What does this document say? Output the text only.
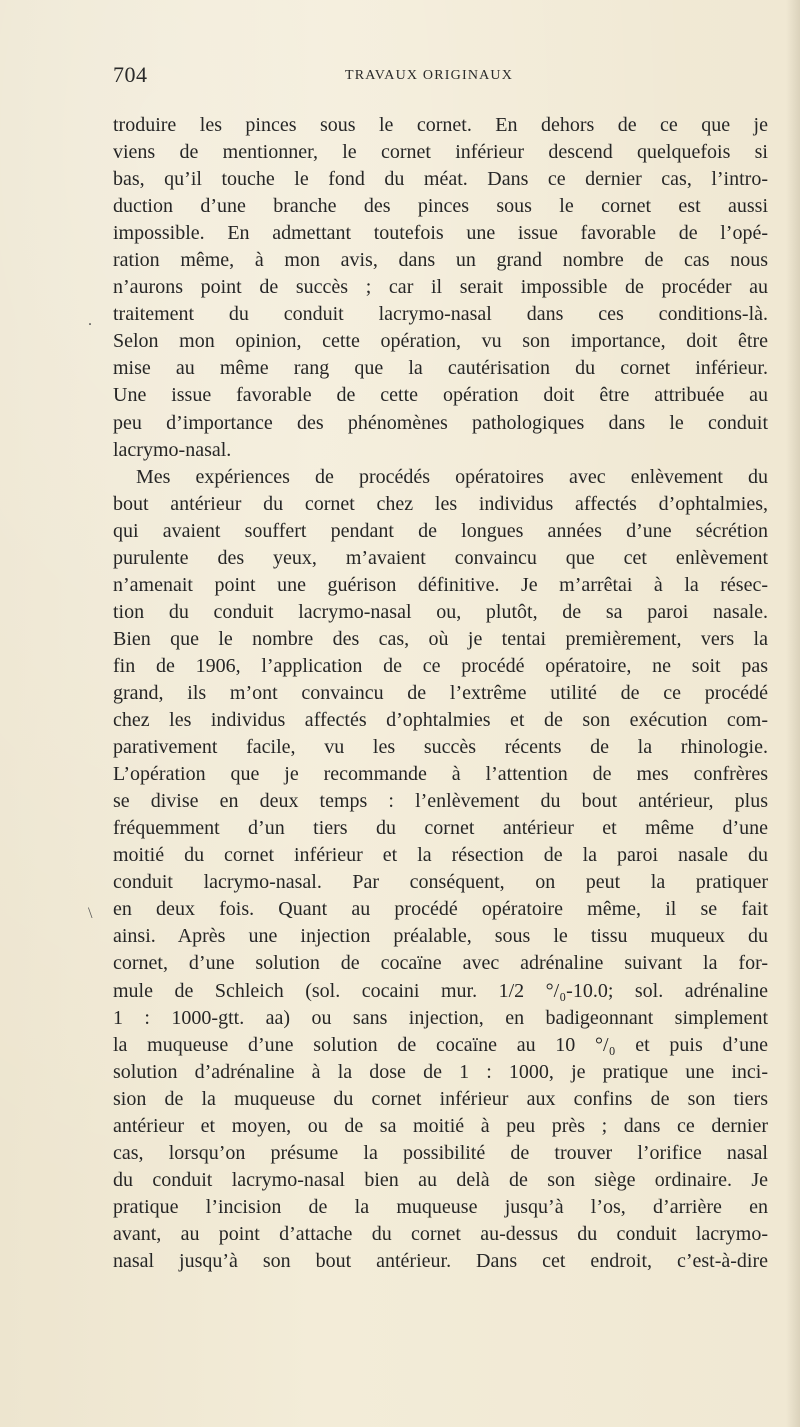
704	TRAVAUX ORIGINAUX
.
\
troduire les pinces sous le cornet. En dehors de ce que je
viens de mentionner, le cornet inférieur descend quelquefois si
bas, qu’il touche le fond du méat. Dans ce dernier cas, l’intro-
duction d’une branche des pinces sous le cornet est aussi
impossible. En admettant toutefois une issue favorable de l’opé-
ration même, à mon avis, dans un grand nombre de cas nous
n’aurons point de succès ; car il serait impossible de procéder au
traitement du conduit lacrymo-nasal dans ces conditions-là.
Selon mon opinion, cette opération, vu son importance, doit être
mise au même rang que la cautérisation du cornet inférieur.
Une issue favorable de cette opération doit être attribuée au
peu d’importance des phénomènes pathologiques dans le conduit
lacrymo-nasal.
Mes expériences de procédés opératoires avec enlèvement du
bout antérieur du cornet chez les individus affectés d’ophtalmies,
qui avaient souffert pendant de longues années d’une sécrétion
purulente des yeux, m’avaient convaincu que cet enlèvement
n’amenait point une guérison définitive. Je m’arrêtai à la résec-
tion du conduit lacrymo-nasal ou, plutôt, de sa paroi nasale.
Bien que le nombre des cas, où je tentai premièrement, vers la
fin de 1906, l’application de ce procédé opératoire, ne soit pas
grand, ils m’ont convaincu de l’extrême utilité de ce procédé
chez les individus affectés d’ophtalmies et de son exécution com-
parativement facile, vu les succès récents de la rhinologie.
L’opération que je recommande à l’attention de mes confrères
se divise en deux temps : l’enlèvement du bout antérieur, plus
fréquemment d’un tiers du cornet antérieur et même d’une
moitié du cornet inférieur et la résection de la paroi nasale du
conduit lacrymo-nasal. Par conséquent, on peut la pratiquer
en deux fois. Quant au procédé opératoire même, il se fait
ainsi. Après une injection préalable, sous le tissu muqueux du
cornet, d’une solution de cocaïne avec adrénaline suivant la for-
mule de Schleich (sol. cocaini mur. 1/2 °/₀-10.0; sol. adrénaline
1 : 1000-gtt. aa) ou sans injection, en badigeonnant simplement
la muqueuse d’une solution de cocaïne au 10 °/₀ et puis d’une
solution d’adrénaline à la dose de 1 : 1000, je pratique une inci-
sion de la muqueuse du cornet inférieur aux confins de son tiers
antérieur et moyen, ou de sa moitié à peu près ; dans ce dernier
cas, lorsqu’on présume la possibilité de trouver l’orifice nasal
du conduit lacrymo-nasal bien au delà de son siège ordinaire. Je
pratique l’incision de la muqueuse jusqu’à l’os, d’arrière en
avant, au point d’attache du cornet au-dessus du conduit lacrymo-
nasal jusqu’à son bout antérieur. Dans cet endroit, c’est-à-dire
